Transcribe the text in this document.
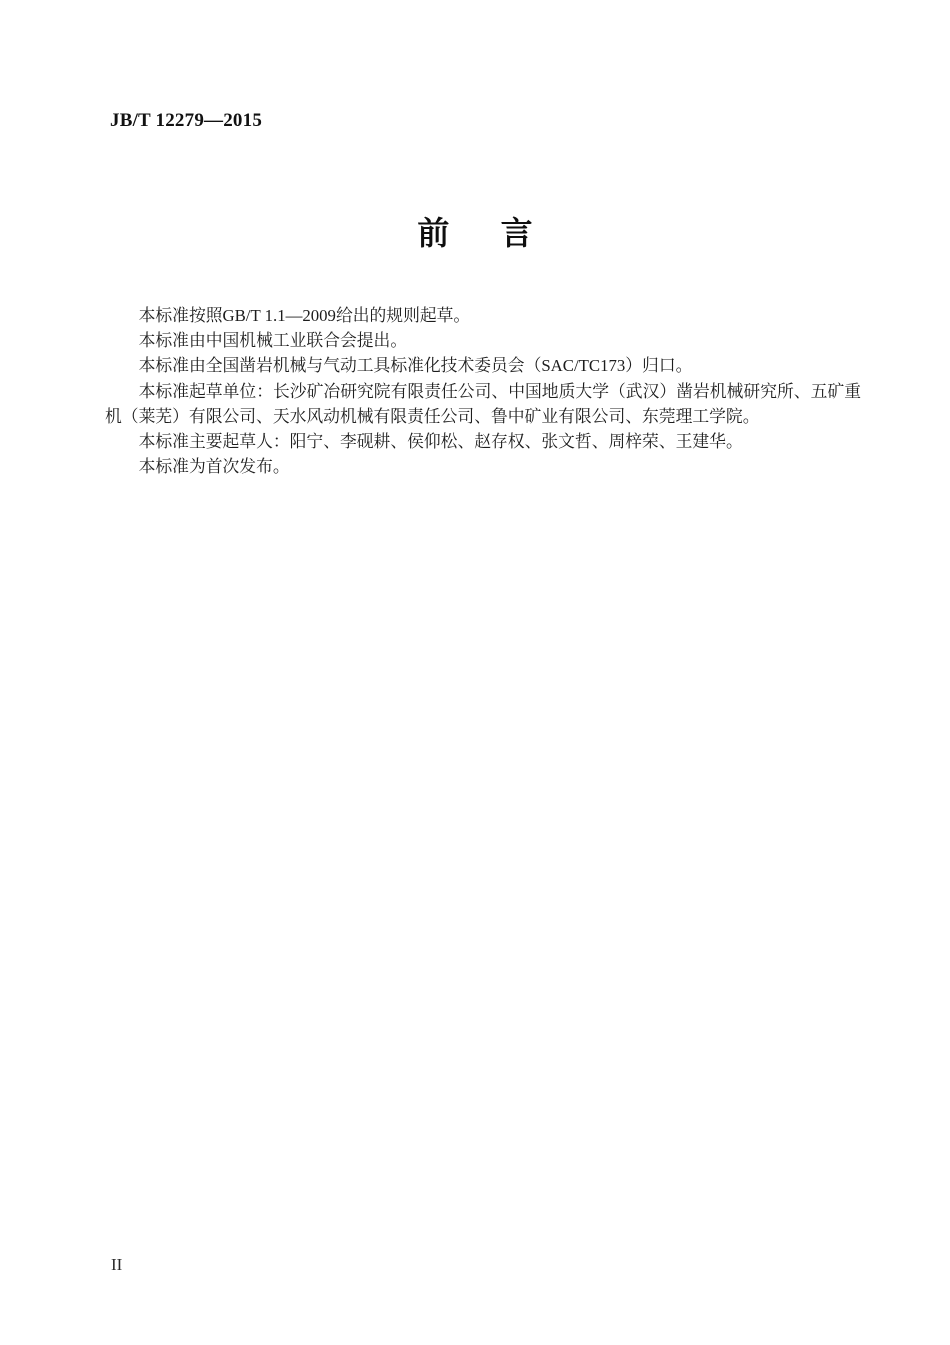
JB/T 12279—2015
前言

本标准按照GB/T 1.1—2009给出的规则起草。

本标准由中国机械工业联合会提出。

本标准由全国凿岩机械与气动工具标准化技术委员会（SAC/TC173）归口。

本标准起草单位：长沙矿冶研究院有限责任公司、中国地质大学（武汉）凿岩机械研究所、五矿重机（莱芜）有限公司、天水风动机械有限责任公司、鲁中矿业有限公司、东莞理工学院。

本标准主要起草人：阳宁、李砚耕、侯仰松、赵存权、张文哲、周梓荣、王建华。

本标准为首次发布。

II
